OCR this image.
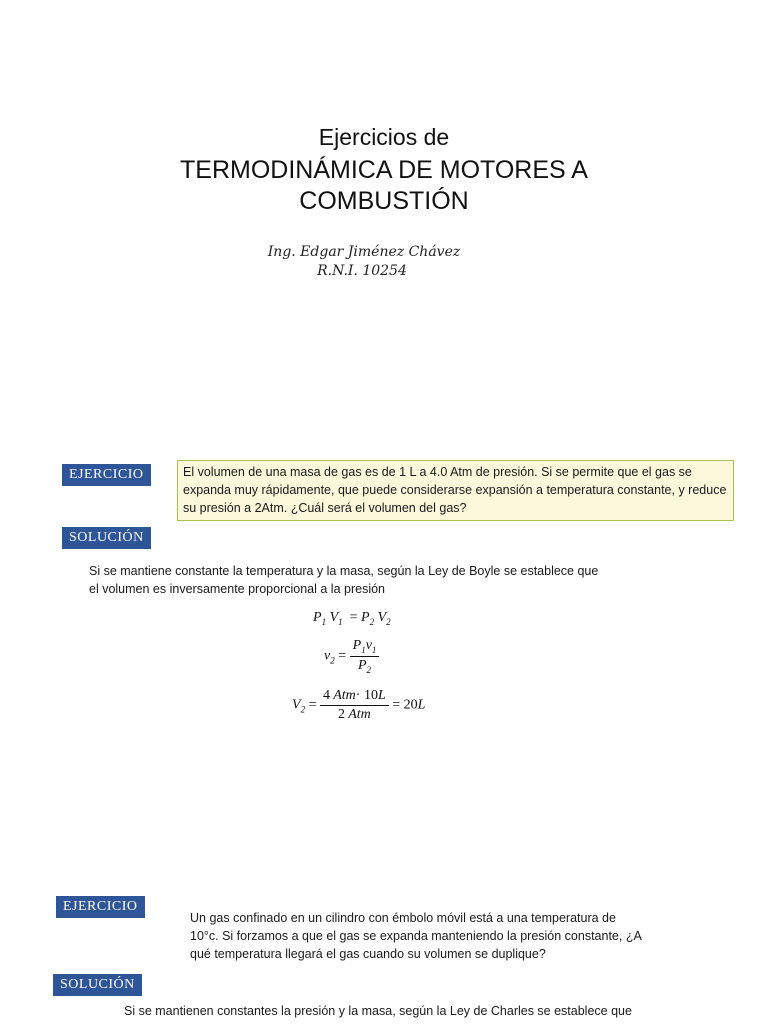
Ejercicios de
TERMODINÁMICA DE MOTORES A
COMBUSTIÓN
Ing. Edgar Jiménez Chávez
R.N.I. 10254
EJERCICIO	El volumen de una masa de gas es de 1 L a 4.0 Atm de presión. Si se permite que el gas se expanda muy rápidamente, que puede considerarse expansión a temperatura constante, y reduce su presión a 2Atm. ¿Cuál será el volumen del gas?
SOLUCIÓN
Si se mantiene constante la temperatura y la masa, según la Ley de Boyle se establece que
el volumen es inversamente proporcional a la presión
$P_1$ $V_1 = P_2$ $V_2$
$v_2 = \frac{P_1v_1}{P_2}$
$V_2 = \frac{\text{4 Atm· 10L}}{\text{2 Atm}} = 20L$
EJERCICIO
Un gas confinado en un cilindro con émbolo móvil está a una temperatura de
10°c. Si forzamos a que el gas se expanda manteniendo la presión constante, ¿A
qué temperatura llegará el gas cuando su volumen se duplique?
SOLUCIÓN
Si se mantienen constantes la presión y la masa, según la Ley de Charles se establece que
